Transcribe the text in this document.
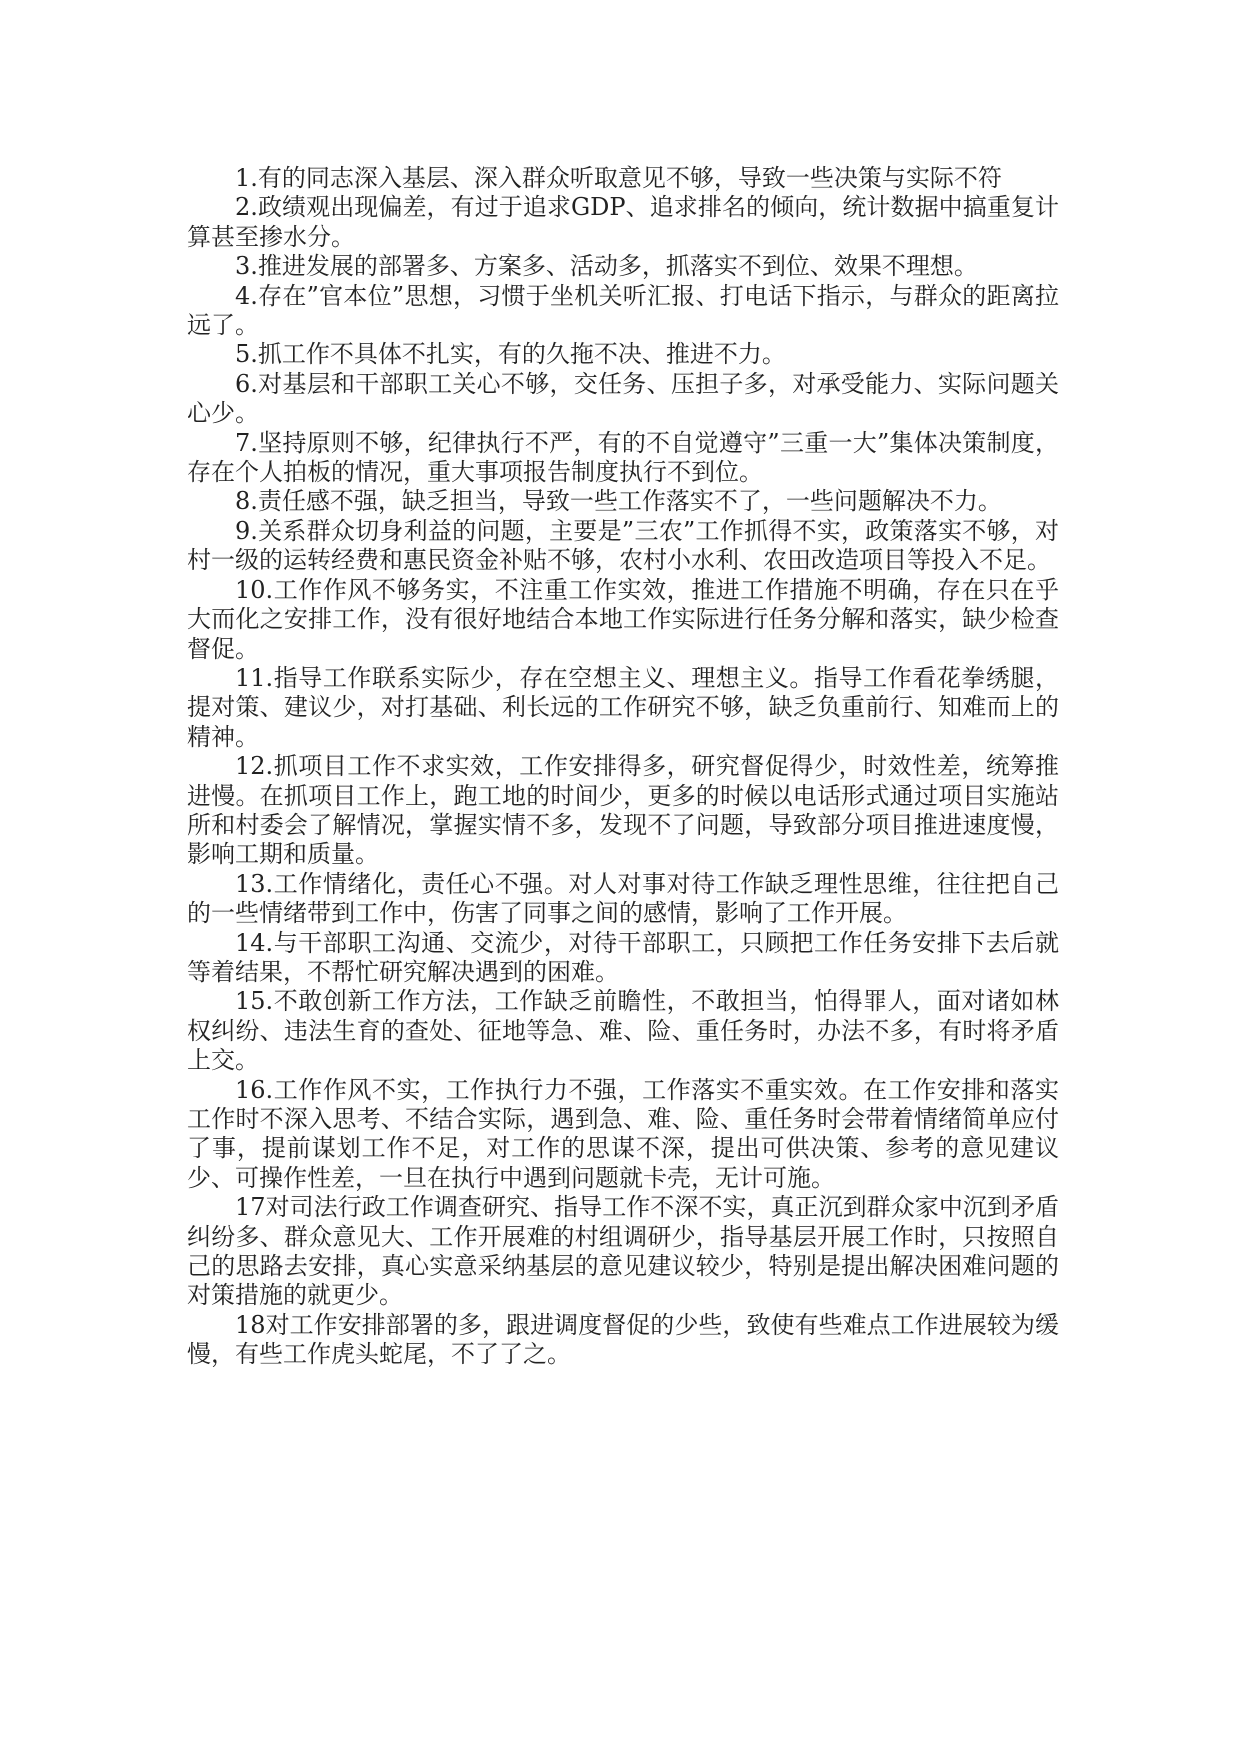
1.有的同志深入基层、深入群众听取意见不够，导致一些决策与实际不符

2.政绩观出现偏差，有过于追求GDP、追求排名的倾向，统计数据中搞重复计算甚至掺水分。

3.推进发展的部署多、方案多、活动多，抓落实不到位、效果不理想。

4.存在”官本位”思想，习惯于坐机关听汇报、打电话下指示，与群众的距离拉远了。

5.抓工作不具体不扎实，有的久拖不决、推进不力。

6.对基层和干部职工关心不够，交任务、压担子多，对承受能力、实际问题关心少。

7.坚持原则不够，纪律执行不严，有的不自觉遵守”三重一大”集体决策制度，存在个人拍板的情况，重大事项报告制度执行不到位。

8.责任感不强，缺乏担当，导致一些工作落实不了，一些问题解决不力。

9.关系群众切身利益的问题，主要是”三农”工作抓得不实，政策落实不够，对村一级的运转经费和惠民资金补贴不够，农村小水利、农田改造项目等投入不足。

10.工作作风不够务实，不注重工作实效，推进工作措施不明确，存在只在乎大而化之安排工作，没有很好地结合本地工作实际进行任务分解和落实，缺少检查督促。

11.指导工作联系实际少，存在空想主义、理想主义。指导工作看花拳绣腿，提对策、建议少，对打基础、利长远的工作研究不够，缺乏负重前行、知难而上的精神。

12.抓项目工作不求实效，工作安排得多，研究督促得少，时效性差，统筹推进慢。在抓项目工作上，跑工地的时间少，更多的时候以电话形式通过项目实施站所和村委会了解情况，掌握实情不多，发现不了问题，导致部分项目推进速度慢，影响工期和质量。

13.工作情绪化，责任心不强。对人对事对待工作缺乏理性思维，往往把自己的一些情绪带到工作中，伤害了同事之间的感情，影响了工作开展。

14.与干部职工沟通、交流少，对待干部职工，只顾把工作任务安排下去后就等着结果，不帮忙研究解决遇到的困难。

15.不敢创新工作方法，工作缺乏前瞻性，不敢担当，怕得罪人，面对诸如林权纠纷、违法生育的查处、征地等急、难、险、重任务时，办法不多，有时将矛盾上交。

16.工作作风不实，工作执行力不强，工作落实不重实效。在工作安排和落实工作时不深入思考、不结合实际，遇到急、难、险、重任务时会带着情绪简单应付了事，提前谋划工作不足，对工作的思谋不深，提出可供决策、参考的意见建议少、可操作性差，一旦在执行中遇到问题就卡壳，无计可施。

17对司法行政工作调查研究、指导工作不深不实，真正沉到群众家中沉到矛盾纠纷多、群众意见大、工作开展难的村组调研少，指导基层开展工作时，只按照自己的思路去安排，真心实意采纳基层的意见建议较少，特别是提出解决困难问题的对策措施的就更少。

18对工作安排部署的多，跟进调度督促的少些，致使有些难点工作进展较为缓慢，有些工作虎头蛇尾，不了了之。
